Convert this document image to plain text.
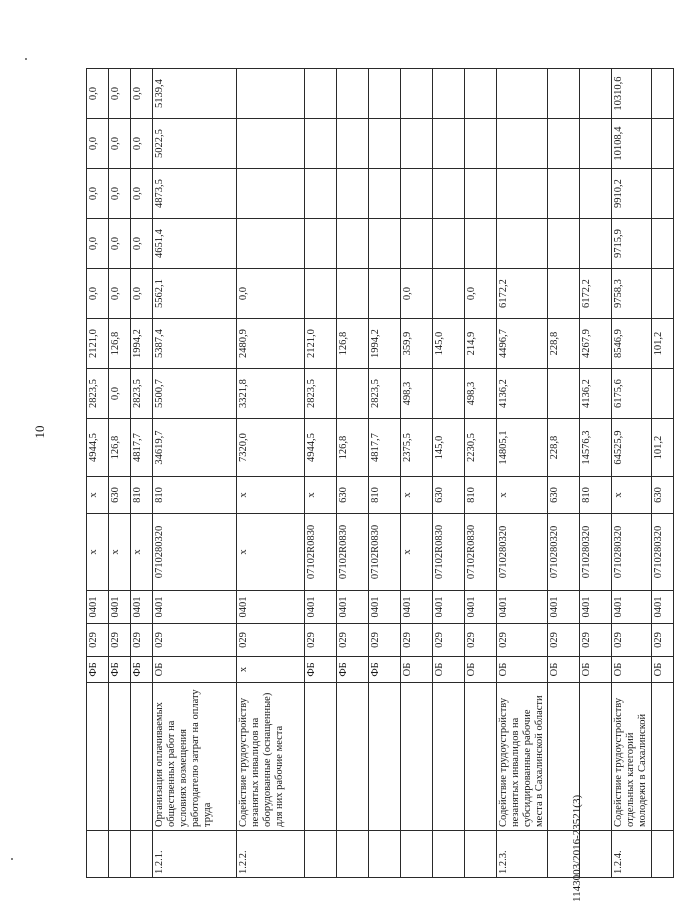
10
		ФБ	029	0401	x	x	4944,5	2823,5	2121,0	0,0	0,0	0,0	0,0	0,0
		ФБ	029	0401	x	630	126,8	0,0	126,8	0,0	0,0	0,0	0,0	0,0
		ФБ	029	0401	x	810	4817,7	2823,5	1994,2	0,0	0,0	0,0	0,0	0,0
1.2.1.	Организация оплачиваемых общественных работ на условиях возмещения работодателю затрат на оплату труда	ОБ	029	0401	0710280320	810	34619,7	5500,7	5387,4	5562,1	4651,4	4873,5	5022,5	5139,4
1.2.2.	Содействие трудоустройству незанятых инвалидов на оборудованные (оснащенные) для них рабочие места	x	029	0401	x	x	7320,0	3321,8	2480,9	0,0				
		ФБ	029	0401	07102R0830	x	4944,5	2823,5	2121,0					
		ФБ	029	0401	07102R0830	630	126,8		126,8					
		ФБ	029	0401	07102R0830	810	4817,7	2823,5	1994,2					
		ОБ	029	0401	x	x	2375,5	498,3	359,9	0,0				
		ОБ	029	0401	07102R0830	630	145,0		145,0					
		ОБ	029	0401	07102R0830	810	2230,5	498,3	214,9	0,0				
1.2.3.	Содействие трудоустройству незанятых инвалидов на субсидированные рабочие места в Сахалинской области	ОБ	029	0401	0710280320	x	14805,1	4136,2	4496,7	6172,2				
		ОБ	029	0401	0710280320	630	228,8		228,8					
		ОБ	029	0401	0710280320	810	14576,3	4136,2	4267,9	6172,2				
1.2.4.	Содействие трудоустройству отдельных категорий молодежи в Сахалинской	ОБ	029	0401	0710280320	x	64525,9	6175,6	8546,9	9758,3	9715,9	9910,2	10108,4	10310,6
		ОБ	029	0401	0710280320	630	101,2		101,2					
1143003/2016-23521(3)
